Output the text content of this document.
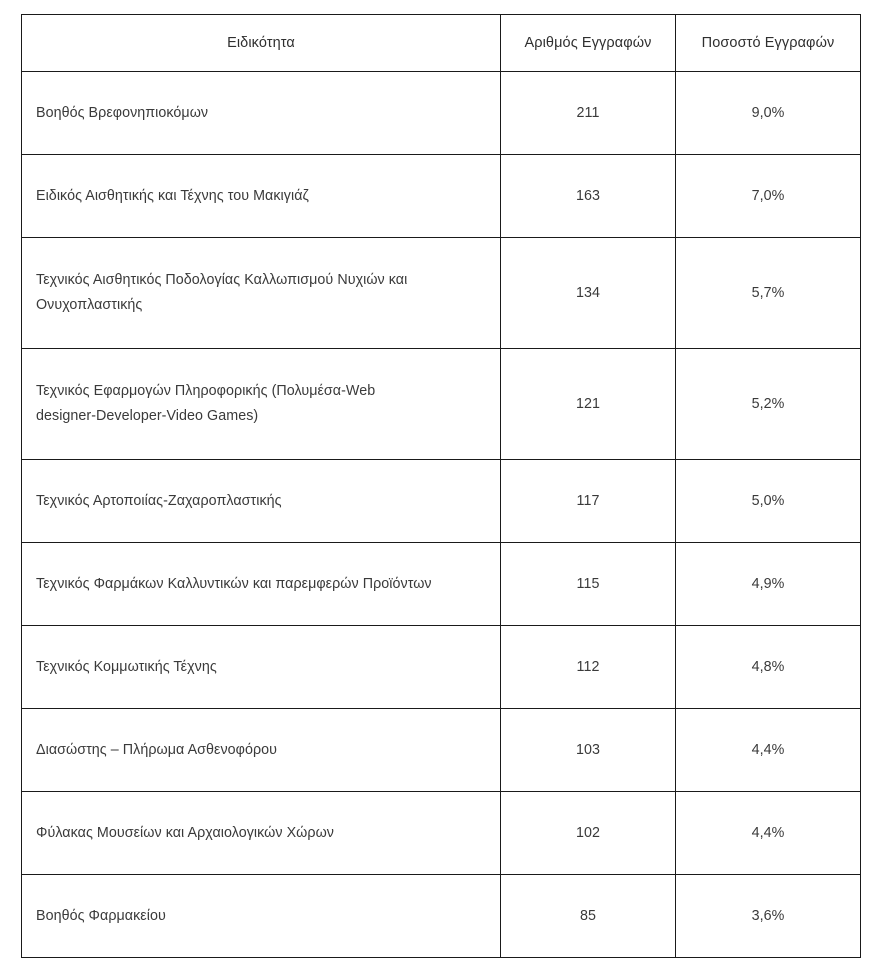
Ειδικότητα	Αριθμός Εγγραφών	Ποσοστό Εγγραφών

Βοηθός Βρεφονηπιοκόμων	211	9,0%

Ειδικός Αισθητικής και Τέχνης του Μακιγιάζ	163	7,0%

Τεχνικός Αισθητικός Ποδολογίας Καλλωπισμού Νυχιών και
Ονυχοπλαστικής	134	5,7%

Τεχνικός Εφαρμογών Πληροφορικής (Πολυμέσα-Web
designer-Developer-Video Games)	121	5,2%

Τεχνικός Αρτοποιίας-Ζαχαροπλαστικής	117	5,0%

Τεχνικός Φαρμάκων Καλλυντικών και παρεμφερών Προϊόντων	115	4,9%

Τεχνικός Κομμωτικής Τέχνης	112	4,8%

Διασώστης – Πλήρωμα Ασθενοφόρου	103	4,4%

Φύλακας Μουσείων και Αρχαιολογικών Χώρων	102	4,4%

Βοηθός Φαρμακείου	85	3,6%
